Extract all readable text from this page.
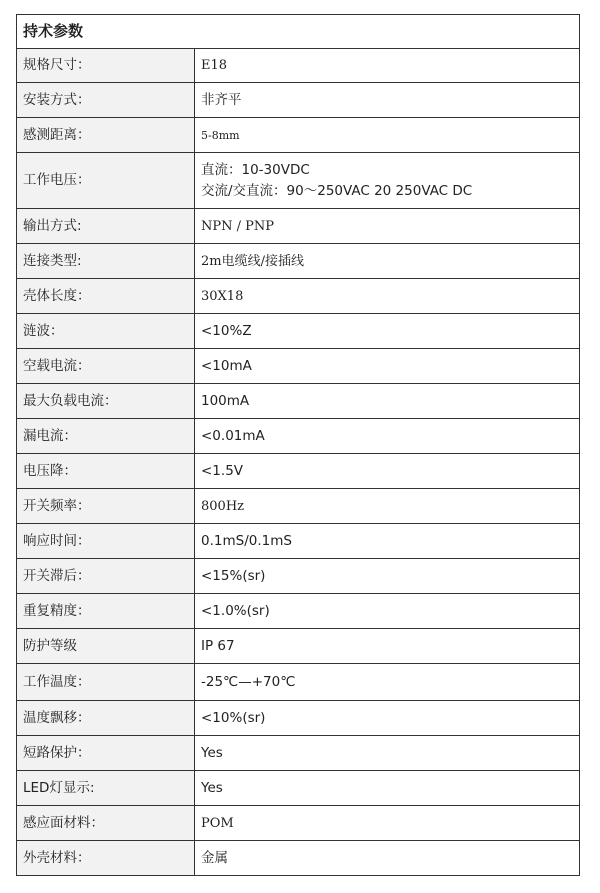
持术参数	
规格尺寸：	E18

安装方式：	非齐平

感测距离：	5-8mm

工作电压：	直流：10-30VDC
交流/交直流：90～250VAC 20 250VAC DC

输出方式:	NPN / PNP

连接类型:	2m电缆线/接插线

壳体长度：	30X18

涟波：	<10%Z

空载电流：	<10mA

最大负载电流：	100mA

漏电流：	<0.01mA

电压降：	<1.5V

开关频率：	800Hz

响应时间：	0.1mS/0.1mS

开关滞后：	<15%(sr)

重复精度：	<1.0%(sr)

防护等级	IP 67

工作温度：	-25℃—+70℃

温度飘移：	<10%(sr)

短路保护：	Yes

LED灯显示:	Yes

感应面材料：	POM

外壳材料：	金属
